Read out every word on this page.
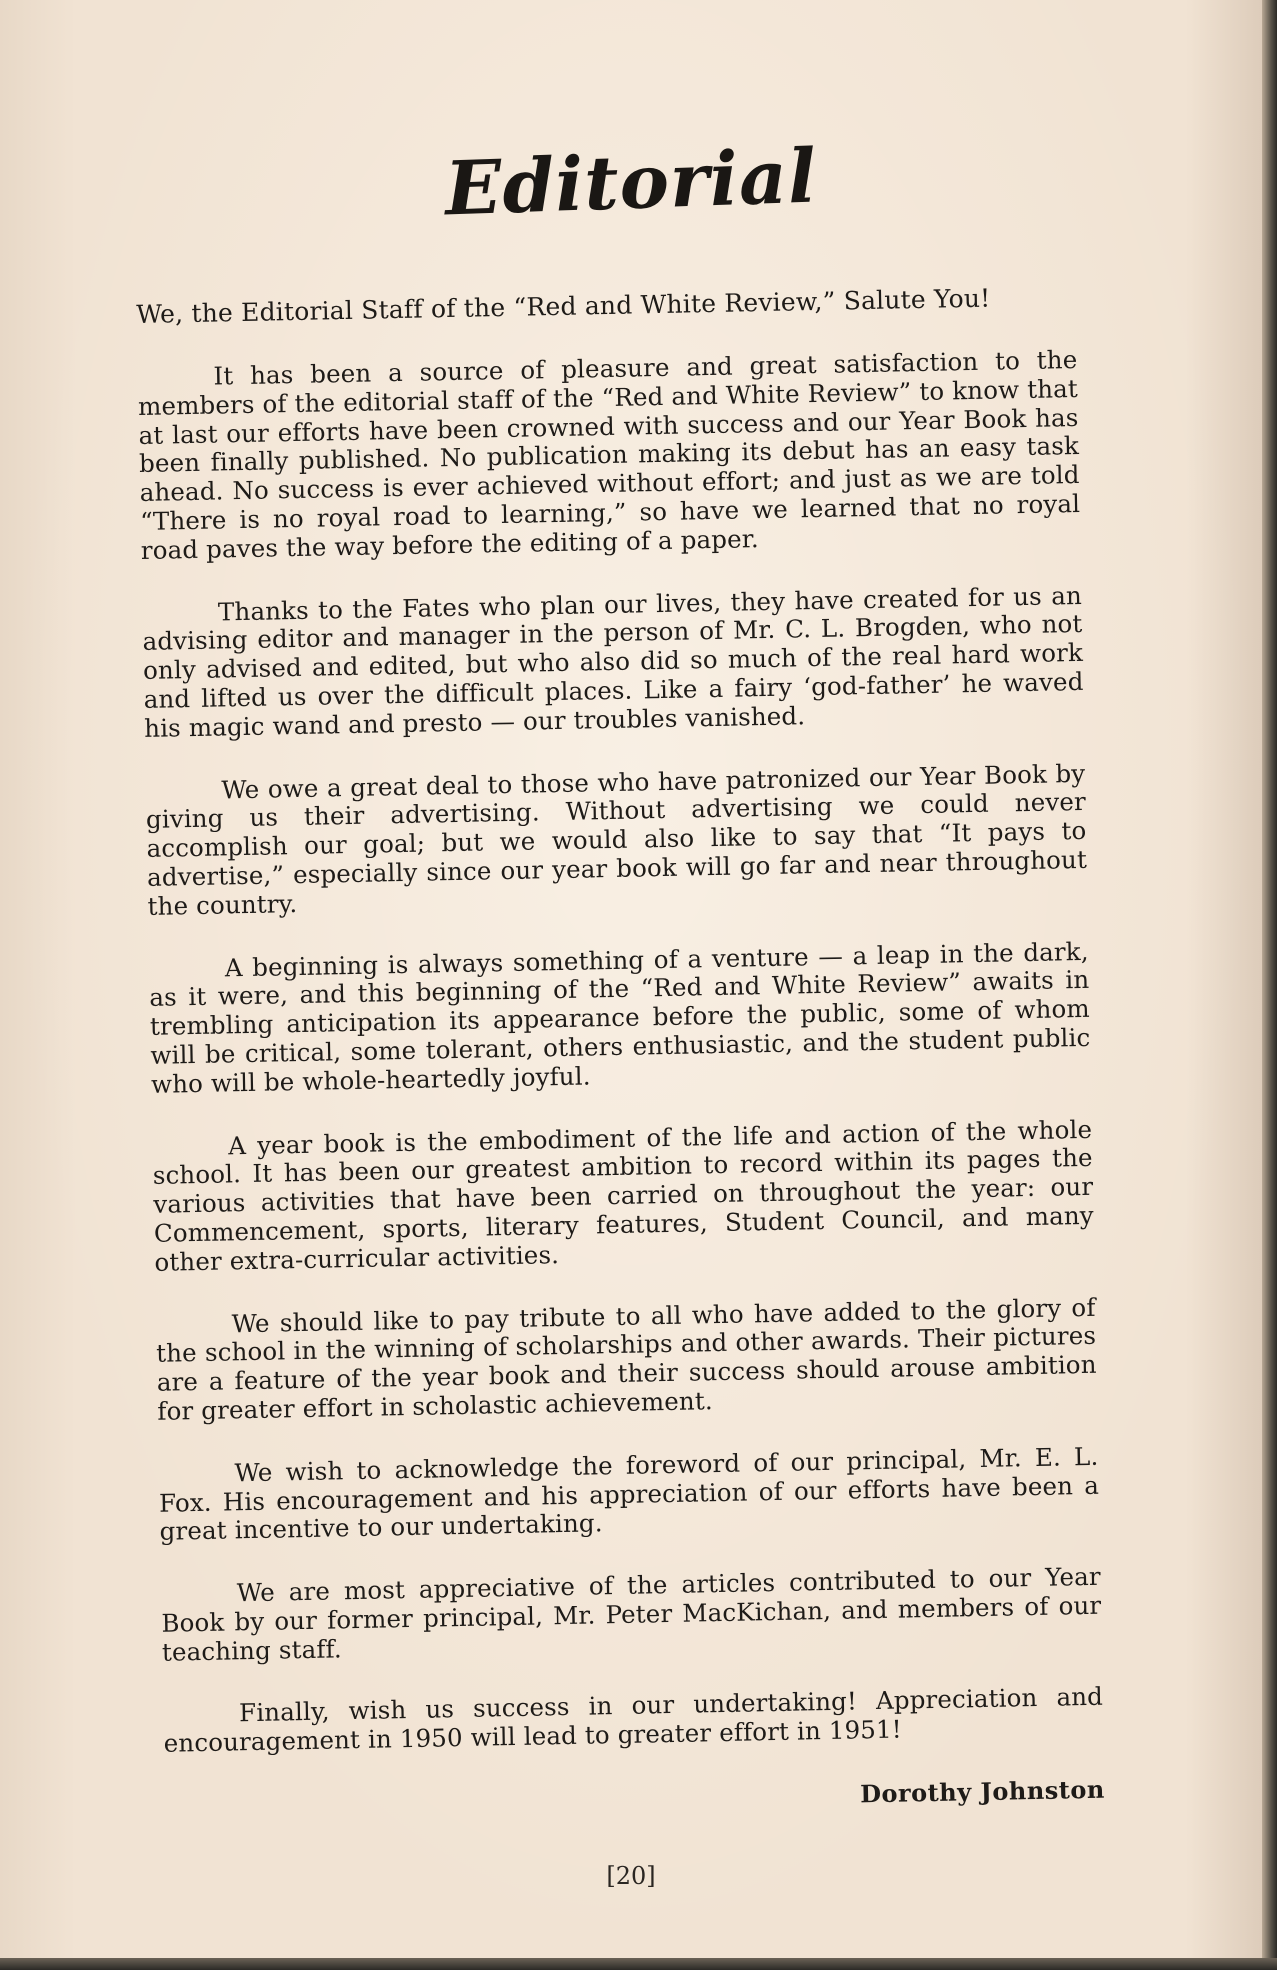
Editorial

We, the Editorial Staff of the “Red and White Review,” Salute You!

It has been a source of pleasure and great satisfaction to the members of the editorial staff of the “Red and White Review” to know that at last our efforts have been crowned with success and our Year Book has been finally published. No publication making its debut has an easy task ahead. No success is ever achieved without effort; and just as we are told “There is no royal road to learning,” so have we learned that no royal road paves the way before the editing of a paper.

Thanks to the Fates who plan our lives, they have created for us an advising editor and manager in the person of Mr. C. L. Brogden, who not only advised and edited, but who also did so much of the real hard work and lifted us over the difficult places. Like a fairy ‘god-father’ he waved his magic wand and presto — our troubles vanished.

We owe a great deal to those who have patronized our Year Book by giving us their advertising. Without advertising we could never accomplish our goal; but we would also like to say that “It pays to advertise,” especially since our year book will go far and near throughout the country.

A beginning is always something of a venture — a leap in the dark, as it were, and this beginning of the “Red and White Review” awaits in trembling anticipation its appearance before the public, some of whom will be critical, some tolerant, others enthusiastic, and the student public who will be whole-heartedly joyful.

A year book is the embodiment of the life and action of the whole school. It has been our greatest ambition to record within its pages the various activities that have been carried on throughout the year: our Commencement, sports, literary features, Student Council, and many other extra-curricular activities.

We should like to pay tribute to all who have added to the glory of the school in the winning of scholarships and other awards. Their pictures are a feature of the year book and their success should arouse ambition for greater effort in scholastic achievement.

We wish to acknowledge the foreword of our principal, Mr. E. L. Fox. His encouragement and his appreciation of our efforts have been a great incentive to our undertaking.

We are most appreciative of the articles contributed to our Year Book by our former principal, Mr. Peter MacKichan, and members of our teaching staff.

Finally, wish us success in our undertaking! Appreciation and encouragement in 1950 will lead to greater effort in 1951!

Dorothy Johnston
[20]
